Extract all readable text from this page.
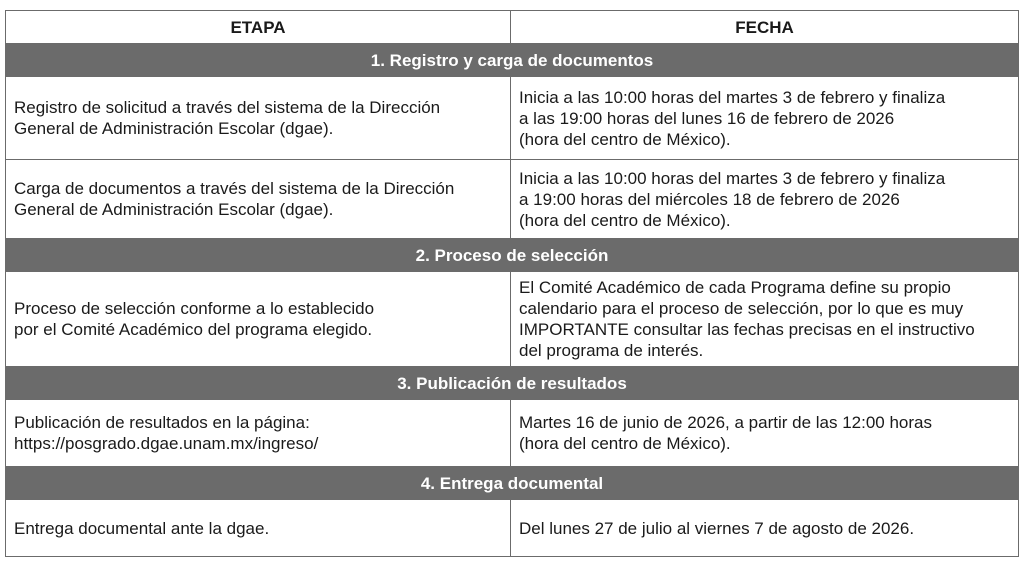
ETAPA	FECHA
1. Registro y carga de documentos	

Registro de solicitud a través del sistema de la Dirección
General de Administración Escolar (dgae).	Inicia a las 10:00 horas del martes 3 de febrero y finaliza
a las 19:00 horas del lunes 16 de febrero de 2026
(hora del centro de México).

Carga de documentos a través del sistema de la Dirección
General de Administración Escolar (dgae).	Inicia a las 10:00 horas del martes 3 de febrero y finaliza
a 19:00 horas del miércoles 18 de febrero de 2026
(hora del centro de México).

2. Proceso de selección	

Proceso de selección conforme a lo establecido
por el Comité Académico del programa elegido.	El Comité Académico de cada Programa define su propio
calendario para el proceso de selección, por lo que es muy
IMPORTANTE consultar las fechas precisas en el instructivo
del programa de interés.

3. Publicación de resultados	

Publicación de resultados en la página:
https://posgrado.dgae.unam.mx/ingreso/	Martes 16 de junio de 2026, a partir de las 12:00 horas
(hora del centro de México).

4. Entrega documental	

Entrega documental ante la dgae.	Del lunes 27 de julio al viernes 7 de agosto de 2026.
